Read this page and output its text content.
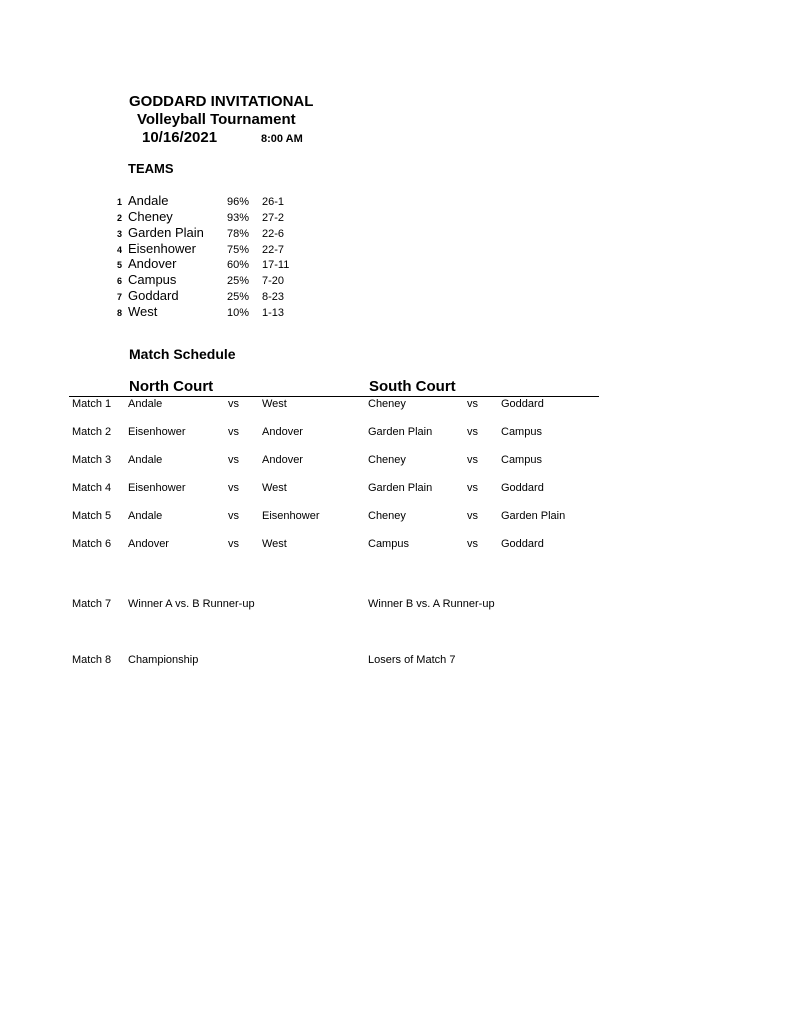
GODDARD INVITATIONAL
Volleyball Tournament
10/16/2021	8:00 AM
TEAMS
1 Andale	96% 26-1
2 Cheney	93% 27-2
3 Garden Plain 78% 22-6
4 Eisenhower	75% 22-7
5 Andover	60% 17-11
6 Campus	25% 7-20
7 Goddard	25% 8-23
8 West	10% 1-13
Match Schedule
North Court	South Court
Match 1 Andale	vs West	Cheney	vs Goddard
Match 2 Eisenhower	vs Andover	Garden Plain	vs Campus
Match 3 Andale	vs Andover	Cheney	vs Campus
Match 4 Eisenhower	vs West	Garden Plain	vs Goddard
Match 5 Andale	vs Eisenhower	Cheney	vs Garden Plain
Match 6 Andover	vs West	Campus	vs Goddard
Match 7 Winner A vs. B Runner-up	Winner B vs. A Runner-up
Match 8 Championship	Losers of Match 7
